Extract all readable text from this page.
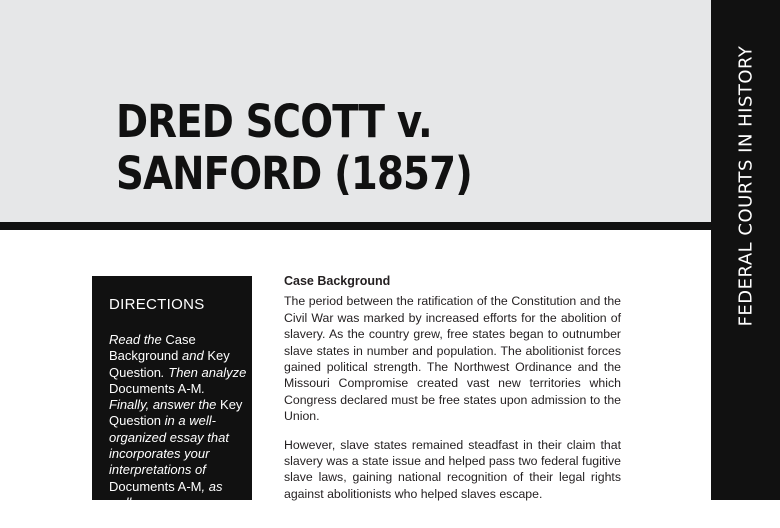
DRED SCOTT v.
SANFORD (1857)	FEDERAL COURTS IN HISTORY
DIRECTIONS
Read the Case Background and Key Question. Then analyze Documents A-M. Finally, answer the Key Question in a well-organized essay that incorporates your interpretations of Documents A-M, as well as your own knowledge of history.
Case Background

The period between the ratification of the Constitution and the Civil War was marked by increased efforts for the abolition of slavery. As the country grew, free states began to outnumber slave states in number and population. The abolitionist forces gained political strength. The Northwest Ordinance and the Missouri Compromise created vast new territories which Congress declared must be free states upon admission to the Union.

However, slave states remained steadfast in their claim that slavery was a state issue and helped pass two federal fugitive slave laws, gaining national recognition of their legal rights against abolitionists who helped slaves escape.
